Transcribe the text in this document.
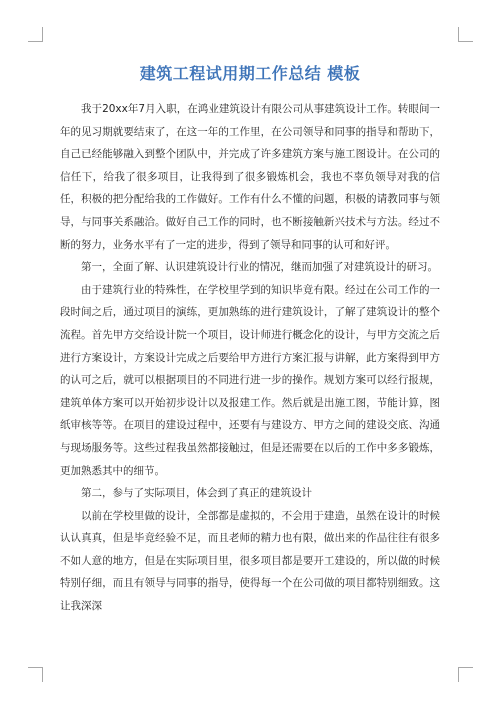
建筑工程试用期工作总结 模板

我于20xx年7月入职，在鸿业建筑设计有限公司从事建筑设计工作。转眼间一年的见习期就要结束了，在这一年的工作里，在公司领导和同事的指导和帮助下，自己已经能够融入到整个团队中，并完成了许多建筑方案与施工图设计。在公司的信任下，给我了很多项目，让我得到了很多锻炼机会，我也不辜负领导对我的信任，积极的把分配给我的工作做好。工作有什么不懂的问题，积极的请教同事与领导，与同事关系融洽。做好自己工作的同时，也不断接触新兴技术与方法。经过不断的努力，业务水平有了一定的进步，得到了领导和同事的认可和好评。

第一，全面了解、认识建筑设计行业的情况，继而加强了对建筑设计的研习。

由于建筑行业的特殊性，在学校里学到的知识毕竟有限。经过在公司工作的一段时间之后，通过项目的演练，更加熟练的进行建筑设计，了解了建筑设计的整个流程。首先甲方交给设计院一个项目，设计师进行概念化的设计，与甲方交流之后进行方案设计，方案设计完成之后要给甲方进行方案汇报与讲解，此方案得到甲方的认可之后，就可以根据项目的不同进行进一步的操作。规划方案可以经行报规，建筑单体方案可以开始初步设计以及报建工作。然后就是出施工图，节能计算，图纸审核等等。在项目的建设过程中，还要有与建设方、甲方之间的建设交底、沟通与现场服务等。这些过程我虽然都接触过，但是还需要在以后的工作中多多锻炼，更加熟悉其中的细节。

第二，参与了实际项目，体会到了真正的建筑设计

以前在学校里做的设计，全部都是虚拟的，不会用于建造，虽然在设计的时候认认真真，但是毕竟经验不足，而且老师的精力也有限，做出来的作品往往有很多不如人意的地方，但是在实际项目里，很多项目都是要开工建设的，所以做的时候特别仔细，而且有领导与同事的指导，使得每一个在公司做的项目都特别细致。这让我深深
